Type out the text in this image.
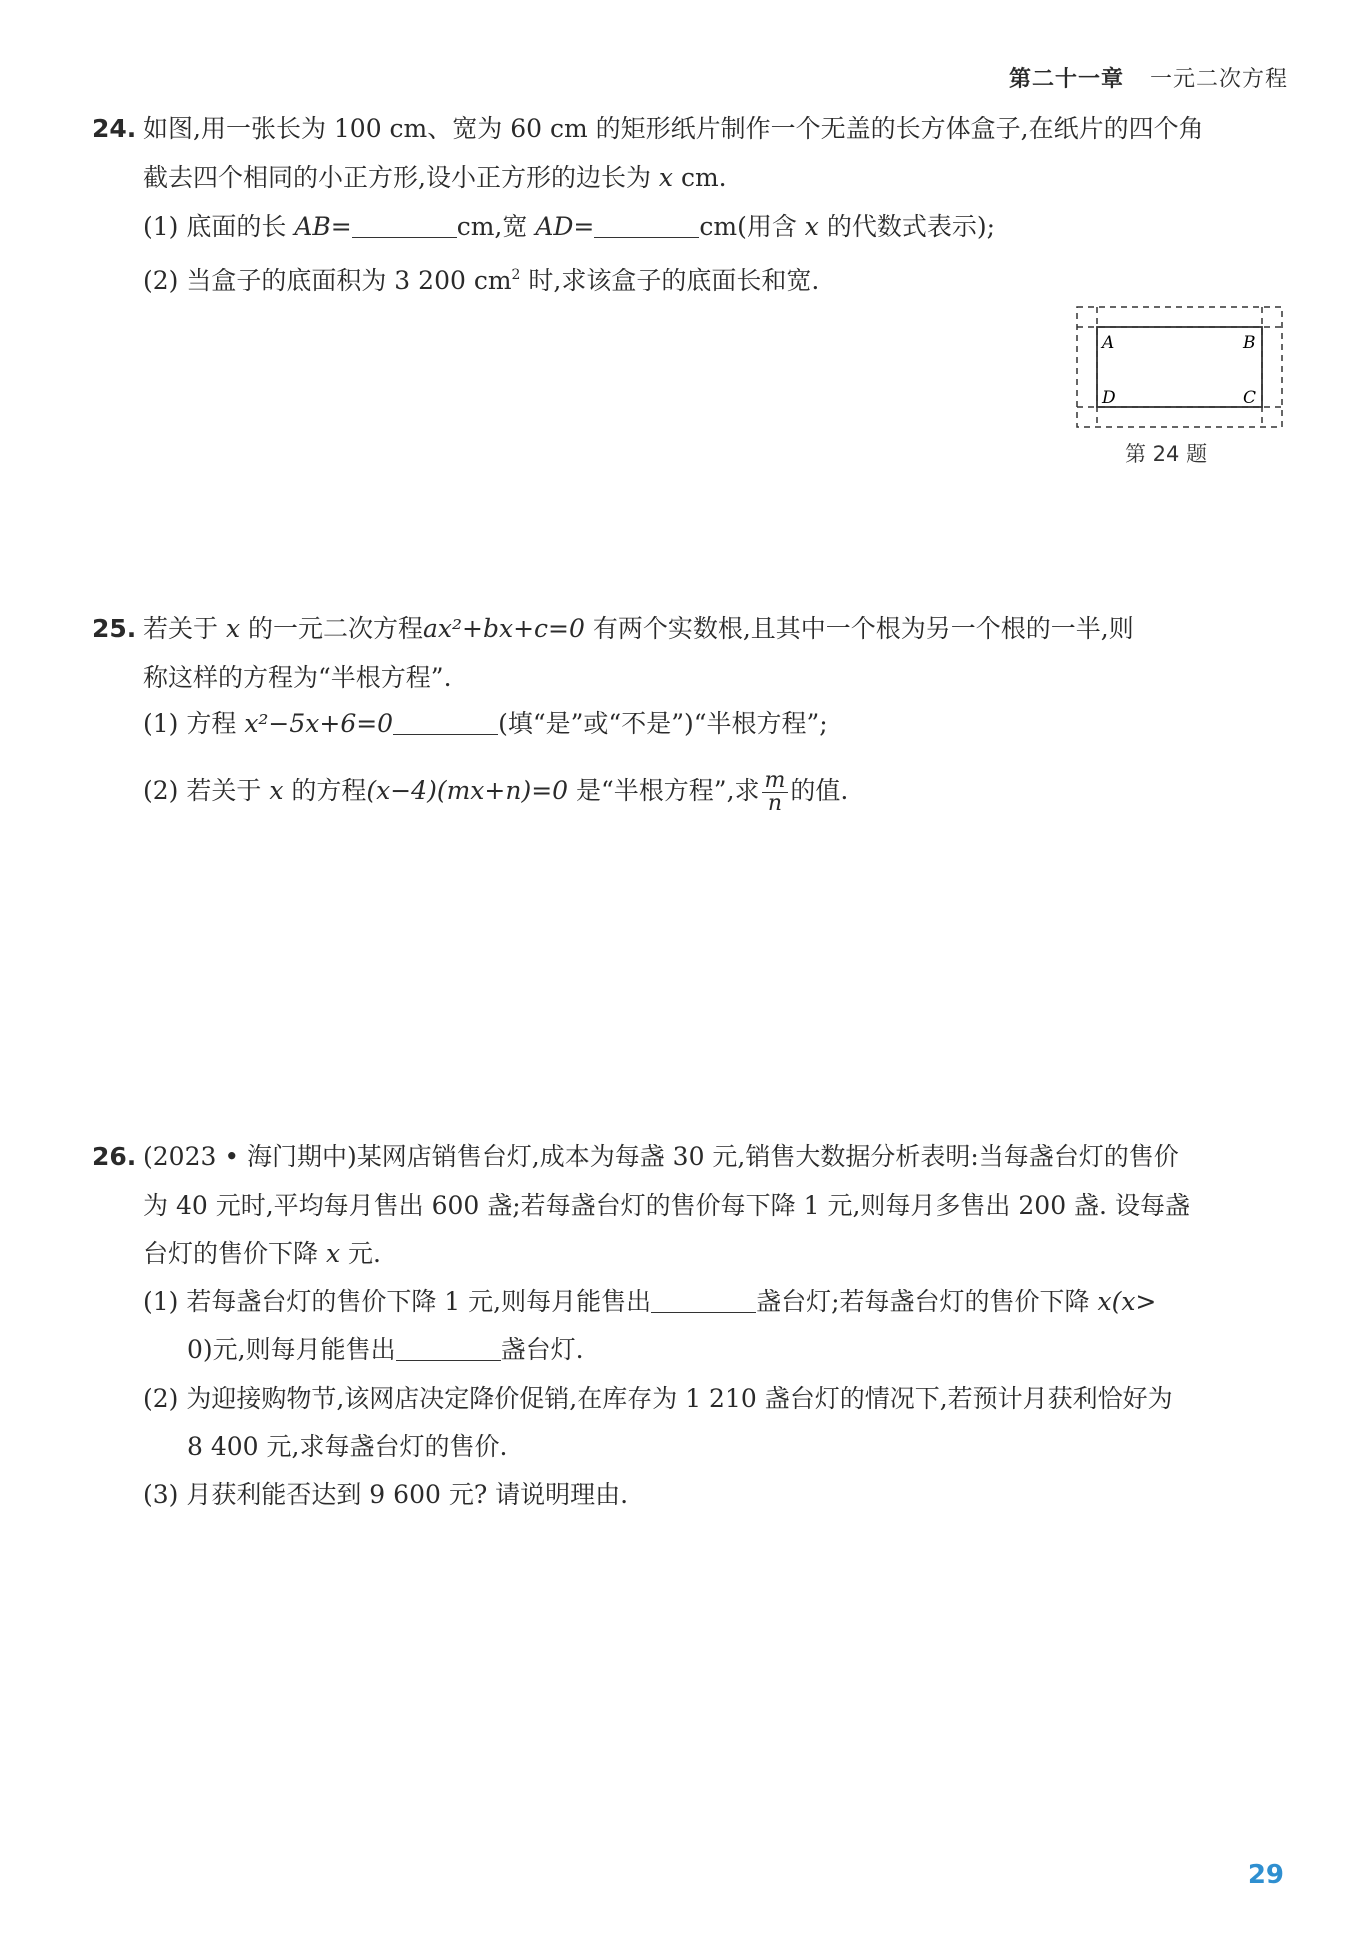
第二十一章 一元二次方程
24. 如图,用一张长为 100 cm、宽为 60 cm 的矩形纸片制作一个无盖的长方体盒子,在纸片的四个角
截去四个相同的小正方形,设小正方形的边长为 x cm.
(1) 底面的长 AB=	cm,宽 AD=	cm(用含 x 的代数式表示);
(2) 当盒子的底面积为 3 200 $cm^2$ 时,求该盒子的底面长和宽.
A	B
C
D
第 24 题
25. 若关于 x 的一元二次方程ax²+bx+c=0 有两个实数根,且其中一个根为另一个根的一半,则
称这样的方程为“半根方程”.
(1) 方程 x²−5x+6=0	(填“是”或“不是”)“半根方程”;
(2) 若关于 x 的方程(x−4)(mx+n)=0 是“半根方程”,求 $\frac{m}{n}$ 的值.
26. (2023 • 海门期中)某网店销售台灯,成本为每盏 30 元,销售大数据分析表明:当每盏台灯的售价
为 40 元时,平均每月售出 600 盏;若每盏台灯的售价每下降 1 元,则每月多售出 200 盏. 设每盏
台灯的售价下降 x 元.
(1) 若每盏台灯的售价下降 1 元,则每月能售出	盏台灯;若每盏台灯的售价下降 x(x>
0)元,则每月能售出	盏台灯.
(2) 为迎接购物节,该网店决定降价促销,在库存为 1 210 盏台灯的情况下,若预计月获利恰好为
8 400 元,求每盏台灯的售价.
(3) 月获利能否达到 9 600 元? 请说明理由.
29
